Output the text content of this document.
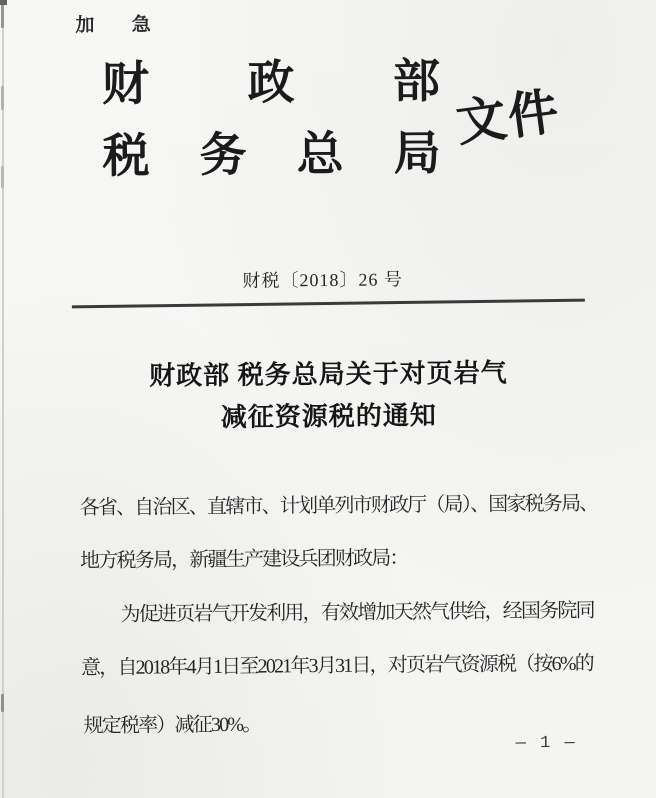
加 急
财 政 部
税 务 总 局
文件
财税〔2018〕26 号
财政部 税务总局关于对页岩气
减征资源税的通知
各省、自治区、直辖市、计划单列市财政厅（局）、国家税务局、
地方税务局，新疆生产建设兵团财政局：
为促进页岩气开发利用，有效增加天然气供给，经国务院同
意，自2018年4月1日至2021年3月31日，对页岩气资源税（按6%的
规定税率）减征30%。
— 1 —
